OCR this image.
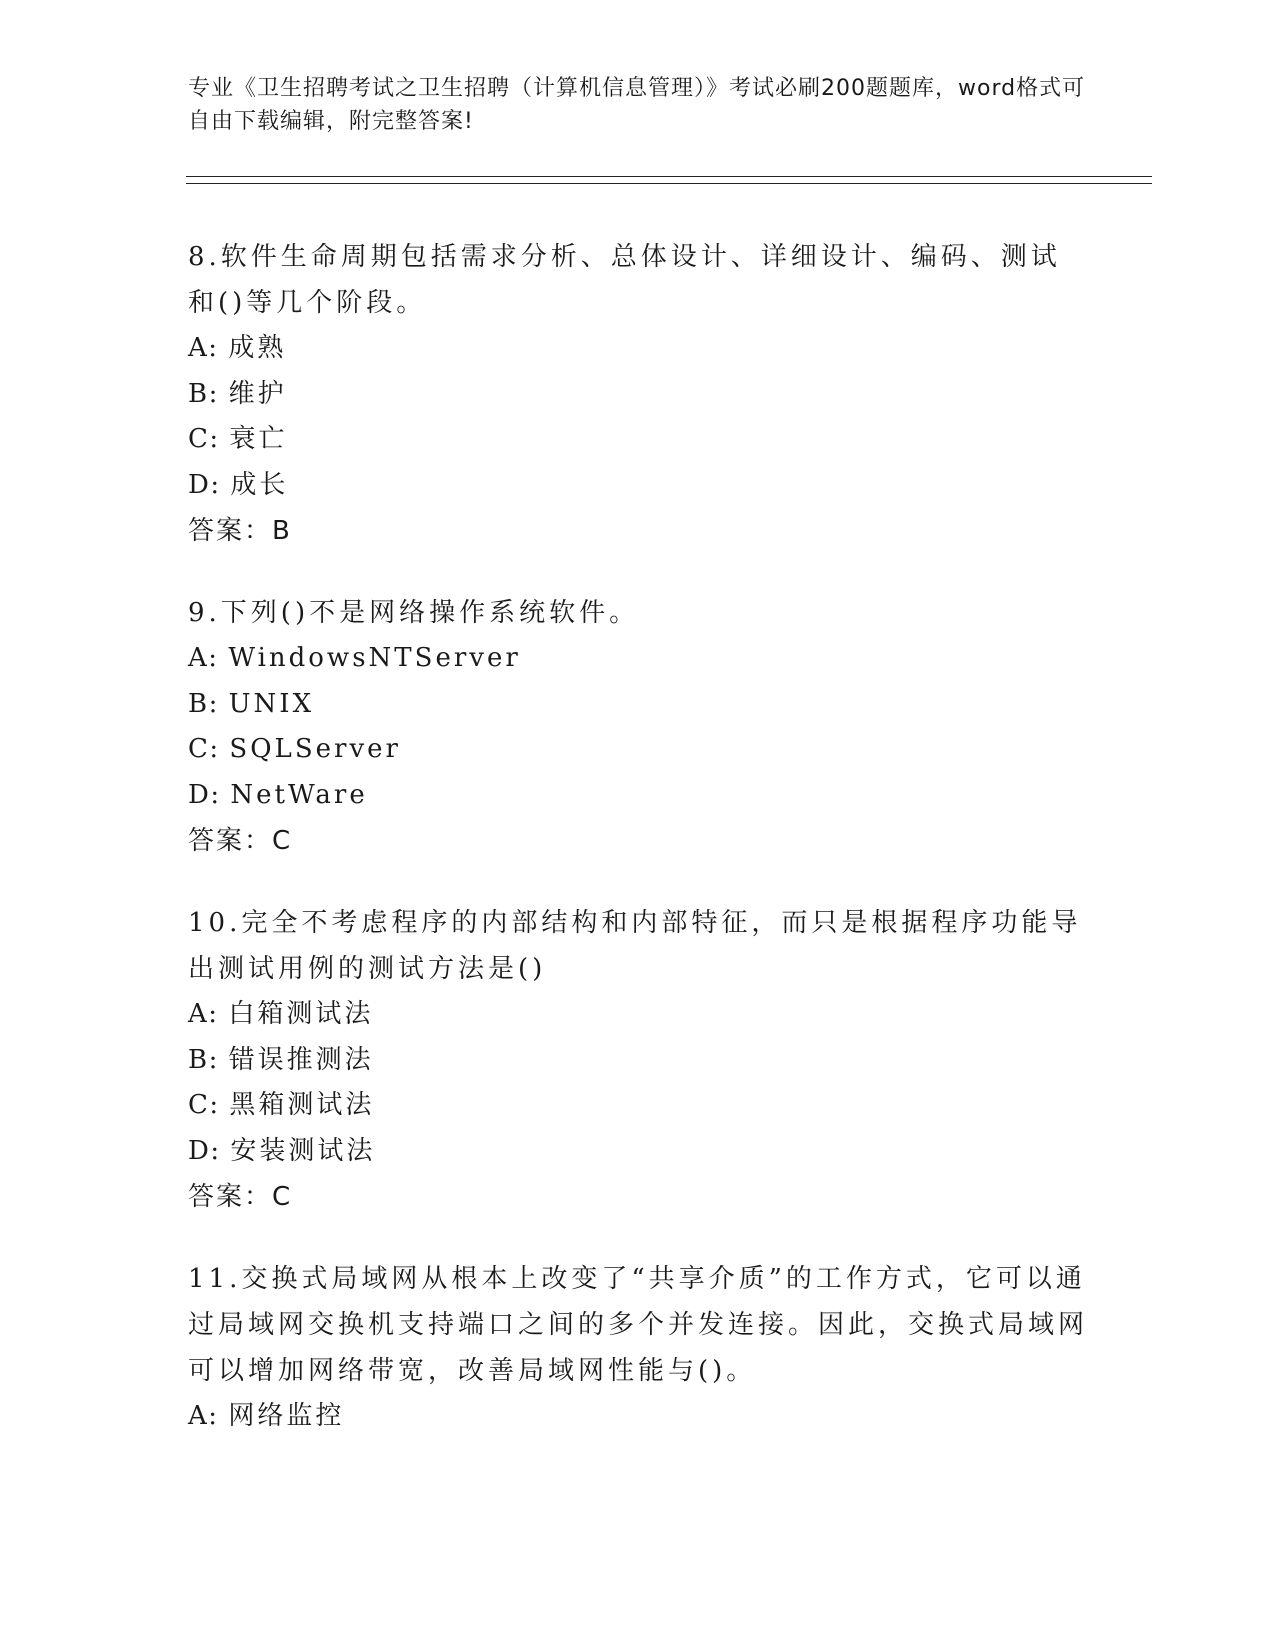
专业《卫生招聘考试之卫生招聘（计算机信息管理）》考试必刷200题题库，word格式可自由下载编辑，附完整答案!

8.软件生命周期包括需求分析、总体设计、详细设计、编码、测试和()等几个阶段。

A: 成熟

B: 维护

C: 衰亡

D: 成长

答案：B

9.下列()不是网络操作系统软件。

A: WindowsNTServer

B: UNIX

C: SQLServer

D: NetWare

答案：C

10.完全不考虑程序的内部结构和内部特征，而只是根据程序功能导出测试用例的测试方法是()

A: 白箱测试法

B: 错误推测法

C: 黑箱测试法

D: 安装测试法

答案：C

11.交换式局域网从根本上改变了“共享介质”的工作方式，它可以通过局域网交换机支持端口之间的多个并发连接。因此，交换式局域网可以增加网络带宽，改善局域网性能与()。

A: 网络监控
